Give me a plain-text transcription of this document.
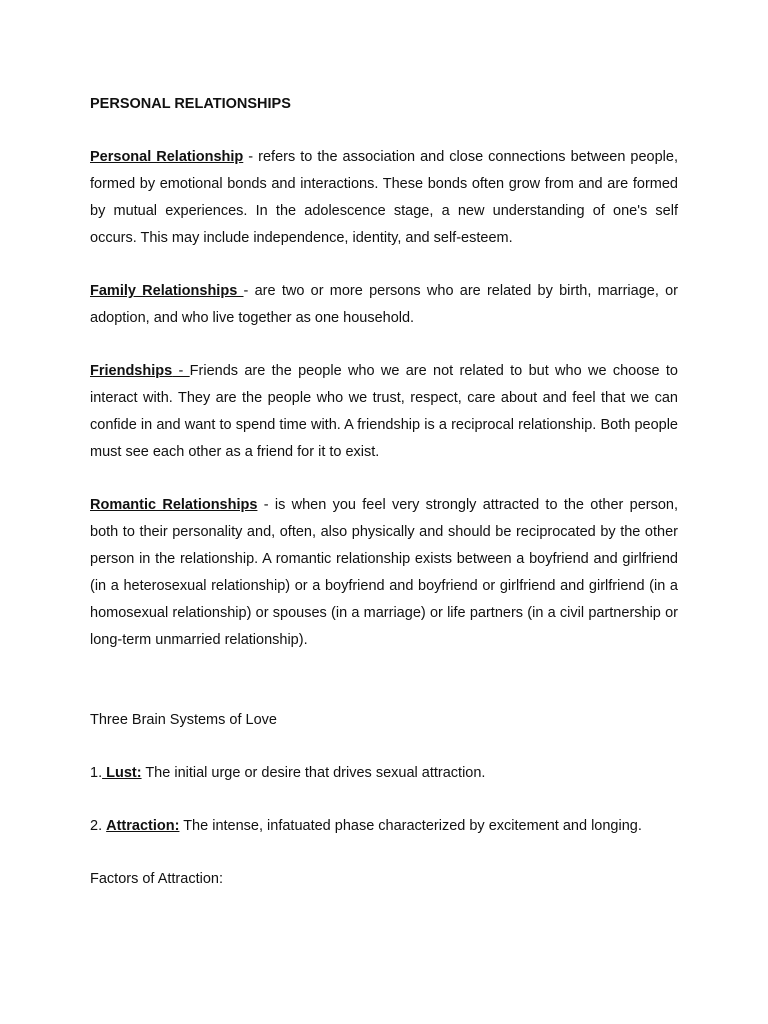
PERSONAL RELATIONSHIPS

Personal Relationship - refers to the association and close connections between people, formed by emotional bonds and interactions. These bonds often grow from and are formed by mutual experiences. In the adolescence stage, a new understanding of one's self occurs. This may include independence, identity, and self-esteem.

Family Relationships - are two or more persons who are related by birth, marriage, or adoption, and who live together as one household.

Friendships - Friends are the people who we are not related to but who we choose to interact with. They are the people who we trust, respect, care about and feel that we can confide in and want to spend time with. A friendship is a reciprocal relationship. Both people must see each other as a friend for it to exist.

Romantic Relationships - is when you feel very strongly attracted to the other person, both to their personality and, often, also physically and should be reciprocated by the other person in the relationship. A romantic relationship exists between a boyfriend and girlfriend (in a heterosexual relationship) or a boyfriend and boyfriend or girlfriend and girlfriend (in a homosexual relationship) or spouses (in a marriage) or life partners (in a civil partnership or long-term unmarried relationship).

Three Brain Systems of Love

1. Lust: The initial urge or desire that drives sexual attraction.

2. Attraction: The intense, infatuated phase characterized by excitement and longing.

Factors of Attraction:
